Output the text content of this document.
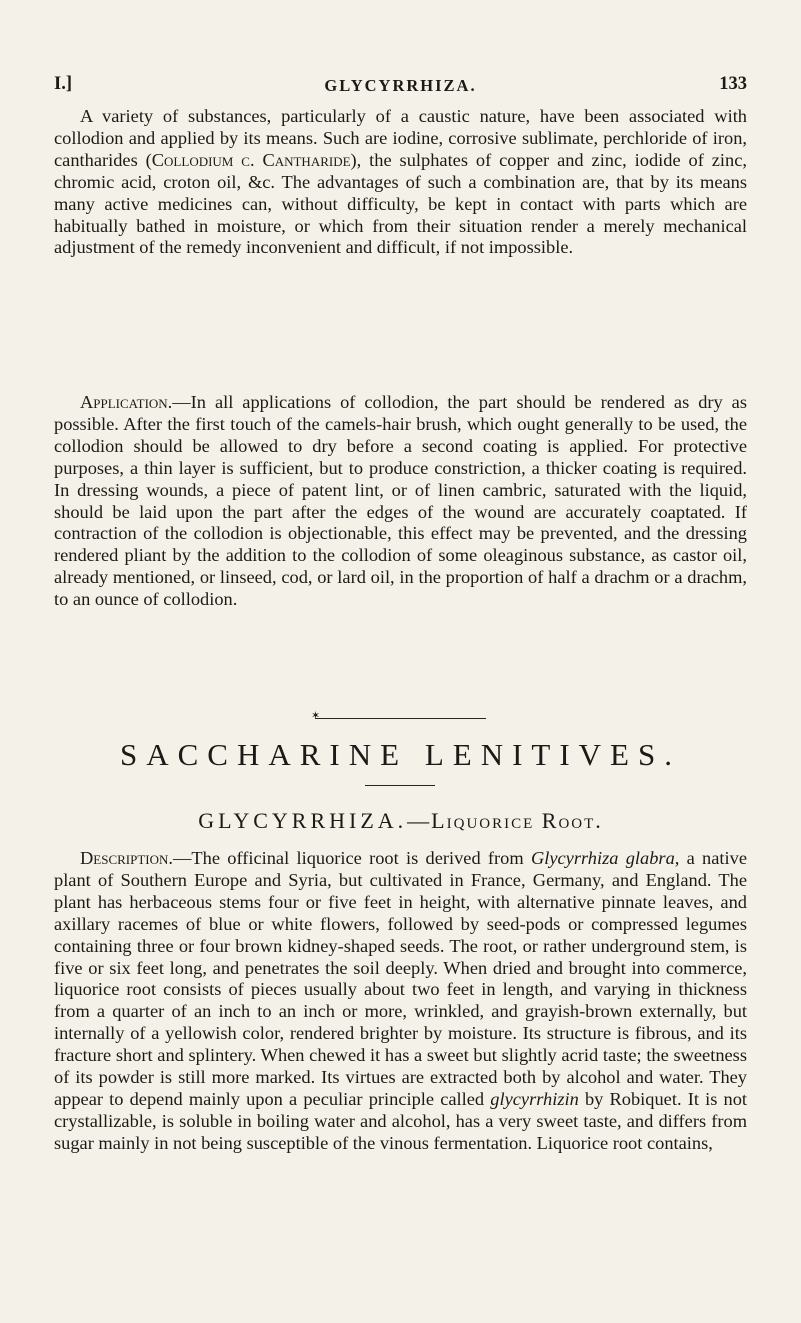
I.]	GLYCYRRHIZA.	133

A variety of substances, particularly of a caustic nature, have been associated with collodion and applied by its means. Such are iodine, corrosive sublimate, perchloride of iron, cantharides (Collodium c. Cantharide), the sulphates of copper and zinc, iodide of zinc, chromic acid, croton oil, &c. The advantages of such a combination are, that by its means many active medicines can, without difficulty, be kept in contact with parts which are habitually bathed in moisture, or which from their situation render a merely mechanical adjustment of the remedy inconvenient and difficult, if not impossible.

Application.—In all applications of collodion, the part should be rendered as dry as possible. After the first touch of the camels-hair brush, which ought generally to be used, the collodion should be allowed to dry before a second coating is applied. For protective purposes, a thin layer is sufficient, but to produce constriction, a thicker coating is required. In dressing wounds, a piece of patent lint, or of linen cambric, saturated with the liquid, should be laid upon the part after the edges of the wound are accurately coaptated. If contraction of the collodion is objectionable, this effect may be prevented, and the dressing rendered pliant by the addition to the collodion of some oleaginous substance, as castor oil, already mentioned, or linseed, cod, or lard oil, in the proportion of half a drachm or a drachm, to an ounce of collodion.

✶
SACCHARINE LENITIVES.
GLYCYRRHIZA.—Liquorice Root.

Description.—The officinal liquorice root is derived from Glycyrrhiza glabra, a native plant of Southern Europe and Syria, but cultivated in France, Germany, and England. The plant has herbaceous stems four or five feet in height, with alternative pinnate leaves, and axillary racemes of blue or white flowers, followed by seed-pods or compressed legumes containing three or four brown kidney-shaped seeds. The root, or rather underground stem, is five or six feet long, and penetrates the soil deeply. When dried and brought into commerce, liquorice root consists of pieces usually about two feet in length, and varying in thickness from a quarter of an inch to an inch or more, wrinkled, and grayish-brown externally, but internally of a yellowish color, rendered brighter by moisture. Its structure is fibrous, and its fracture short and splintery. When chewed it has a sweet but slightly acrid taste; the sweetness of its powder is still more marked. Its virtues are extracted both by alcohol and water. They appear to depend mainly upon a peculiar principle called glycyrrhizin by Robiquet. It is not crystallizable, is soluble in boiling water and alcohol, has a very sweet taste, and differs from sugar mainly in not being susceptible of the vinous fermentation. Liquorice root contains,
